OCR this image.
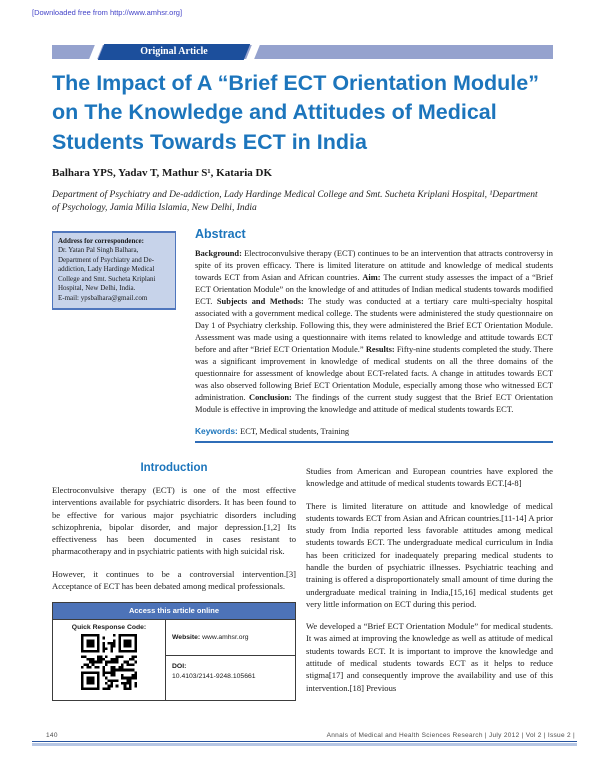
[Downloaded free from http://www.amhsr.org]
Original Article
The Impact of A “Brief ECT Orientation Module” on The Knowledge and Attitudes of Medical Students Towards ECT in India
Balhara YPS, Yadav T, Mathur S¹, Kataria DK
Department of Psychiatry and De-addiction, Lady Hardinge Medical College and Smt. Sucheta Kriplani Hospital, ¹Department of Psychology, Jamia Milia Islamia, New Delhi, India
Address for correspondence:
Dr. Yatan Pal Singh Balhara, Department of Psychiatry and De-addiction, Lady Hardinge Medical College and Smt. Sucheta Kriplani Hospital, New Delhi, India.
E-mail: ypsbalhara@gmail.com
Abstract

Background: Electroconvulsive therapy (ECT) continues to be an intervention that attracts controversy in spite of its proven efficacy. There is limited literature on attitude and knowledge of medical students towards ECT from Asian and African countries. Aim: The current study assesses the impact of a “Brief ECT Orientation Module” on the knowledge of and attitudes of Indian medical students towards modified ECT. Subjects and Methods: The study was conducted at a tertiary care multi-specialty hospital associated with a government medical college. The students were administered the study questionnaire on Day 1 of Psychiatry clerkship. Following this, they were administered the Brief ECT Orientation Module. Assessment was made using a questionnaire with items related to knowledge and attitude towards ECT before and after “Brief ECT Orientation Module.” Results: Fifty-nine students completed the study. There was a significant improvement in knowledge of medical students on all the three domains of the questionnaire for assessment of knowledge about ECT-related facts. A change in attitudes towards ECT was also observed following Brief ECT Orientation Module, especially among those who witnessed ECT administration. Conclusion: The findings of the current study suggest that the Brief ECT Orientation Module is effective in improving the knowledge and attitude of medical students towards ECT.

Keywords: ECT, Medical students, Training
Introduction

Electroconvulsive therapy (ECT) is one of the most effective interventions available for psychiatric disorders. It has been found to be effective for various major psychiatric disorders including schizophrenia, bipolar disorder, and major depression.[1,2] Its effectiveness has been documented in cases resistant to pharmacotherapy and in psychiatric patients with high suicidal risk.

However, it continues to be a controversial intervention.[3] Acceptance of ECT has been debated among medical professionals.

Access this article online
Quick Response Code:
Website: www.amhsr.org
DOI:
10.4103/2141-9248.105661

Studies from American and European countries have explored the knowledge and attitude of medical students towards ECT.[4-8]

There is limited literature on attitude and knowledge of medical students towards ECT from Asian and African countries.[11-14] A prior study from India reported less favorable attitudes among medical students towards ECT. The undergraduate medical curriculum in India has been criticized for inadequately preparing medical students to handle the burden of psychiatric illnesses. Psychiatric teaching and training is offered a disproportionately small amount of time during the undergraduate medical training in India,[15,16] medical students get very little information on ECT during this period.

We developed a “Brief ECT Orientation Module” for medical students. It was aimed at improving the knowledge as well as attitude of medical students towards ECT. It is important to improve the knowledge and attitude of medical students towards ECT as it helps to reduce stigma[17] and consequently improve the availability and use of this intervention.[18] Previous

140	Annals of Medical and Health Sciences Research | July 2012 | Vol 2 | Issue 2 |
